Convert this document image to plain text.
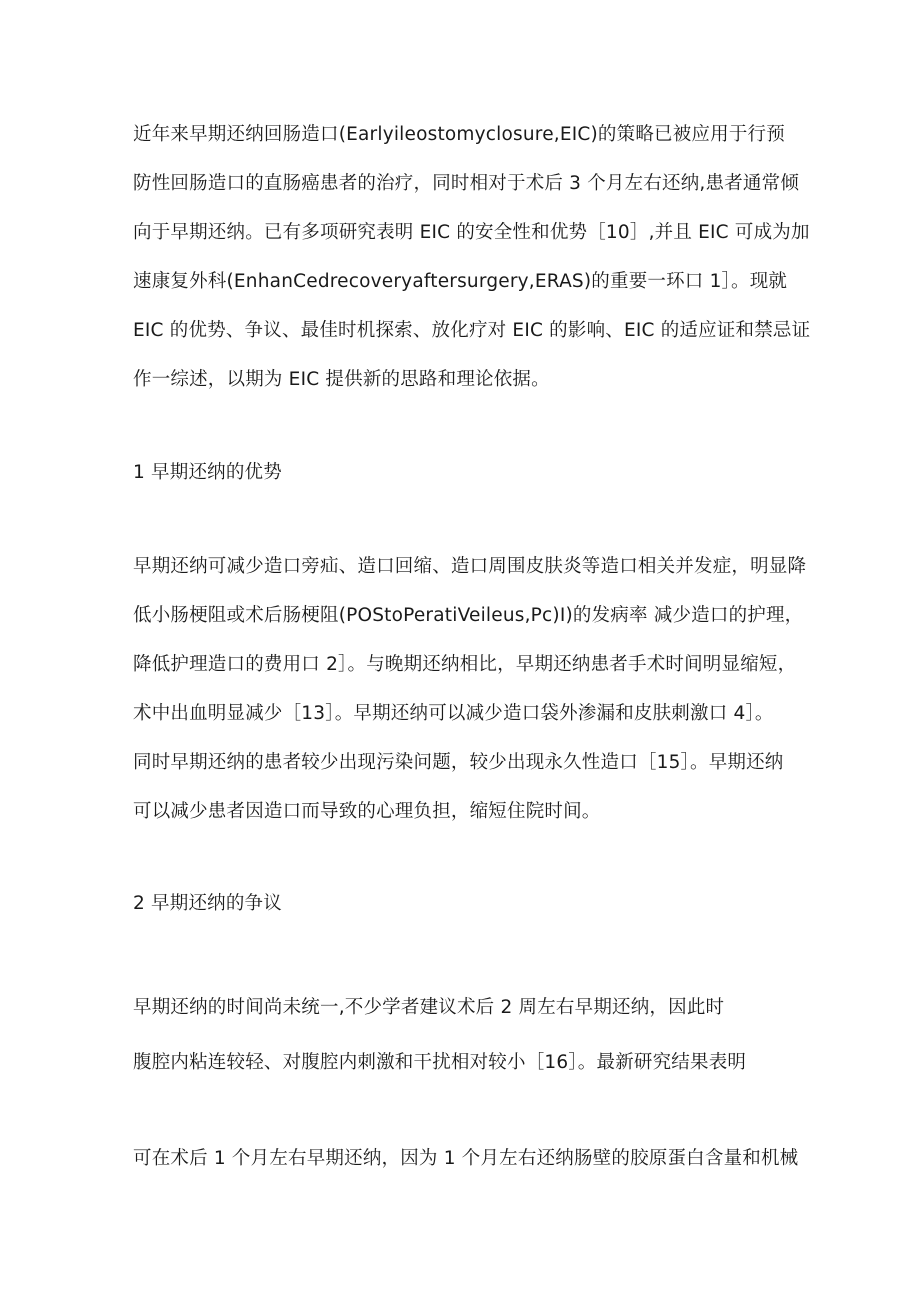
近年来早期还纳回肠造口(Earlyileostomyclosure,EIC)的策略已被应用于行预
防性回肠造口的直肠癌患者的治疗，同时相对于术后 3 个月左右还纳,患者通常倾
向于早期还纳。已有多项研究表明 EIC 的安全性和优势［10］,并且 EIC 可成为加
速康复外科(EnhanCedrecoveryaftersurgery,ERAS)的重要一环口 1］。现就
EIC 的优势、争议、最佳时机探索、放化疗对 EIC 的影响、EIC 的适应证和禁忌证
作一综述，以期为 EIC 提供新的思路和理论依据。
1 早期还纳的优势
早期还纳可减少造口旁疝、造口回缩、造口周围皮肤炎等造口相关并发症，明显降
低小肠梗阻或术后肠梗阻(POStoPeratiVeileus,Pc)I)的发病率 减少造口的护理，
降低护理造口的费用口 2］。与晚期还纳相比，早期还纳患者手术时间明显缩短，
术中出血明显减少［13］。早期还纳可以减少造口袋外渗漏和皮肤刺激口 4］。
同时早期还纳的患者较少出现污染问题，较少出现永久性造口［15］。早期还纳
可以减少患者因造口而导致的心理负担，缩短住院时间。
2 早期还纳的争议
早期还纳的时间尚未统一,不少学者建议术后 2 周左右早期还纳，因此时
腹腔内粘连较轻、对腹腔内刺激和干扰相对较小［16］。最新研究结果表明
可在术后 1 个月左右早期还纳，因为 1 个月左右还纳肠壁的胶原蛋白含量和机械
